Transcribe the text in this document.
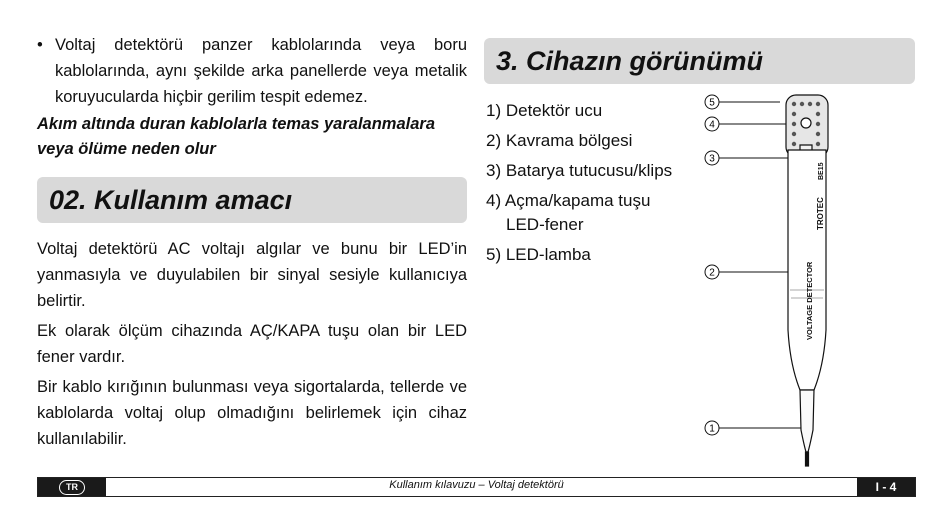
• Voltaj detektörü panzer kablolarında veya boru kablolarında, aynı şekilde arka panellerde veya metalik koruyucularda hiçbir gerilim tespit edemez.
Akım altında duran kablolarla temas yaralanmalara veya ölüme neden olur
02. Kullanım amacı
Voltaj detektörü AC voltajı algılar ve bunu bir LED’in yanmasıyla ve duyulabilen bir sinyal sesiyle kullanıcıya belirtir.
Ek olarak ölçüm cihazında AÇ/KAPA tuşu olan bir LED fener vardır.
Bir kablo kırığının bulunması veya sigortalarda, tellerde ve kablolarda voltaj olup olmadığını belirlemek için cihaz kullanılabilir.
3. Cihazın görünümü
1) Detektör ucu
2) Kavrama bölgesi
3) Batarya tutucusu/klips
4) Açma/kapama tuşu
LED-fener
5) LED-lamba
5
4
3
2
1
TROTEC
BE15
VOLTAGE DETECTOR
TR	Kullanım kılavuzu – Voltaj detektörü	I - 4
